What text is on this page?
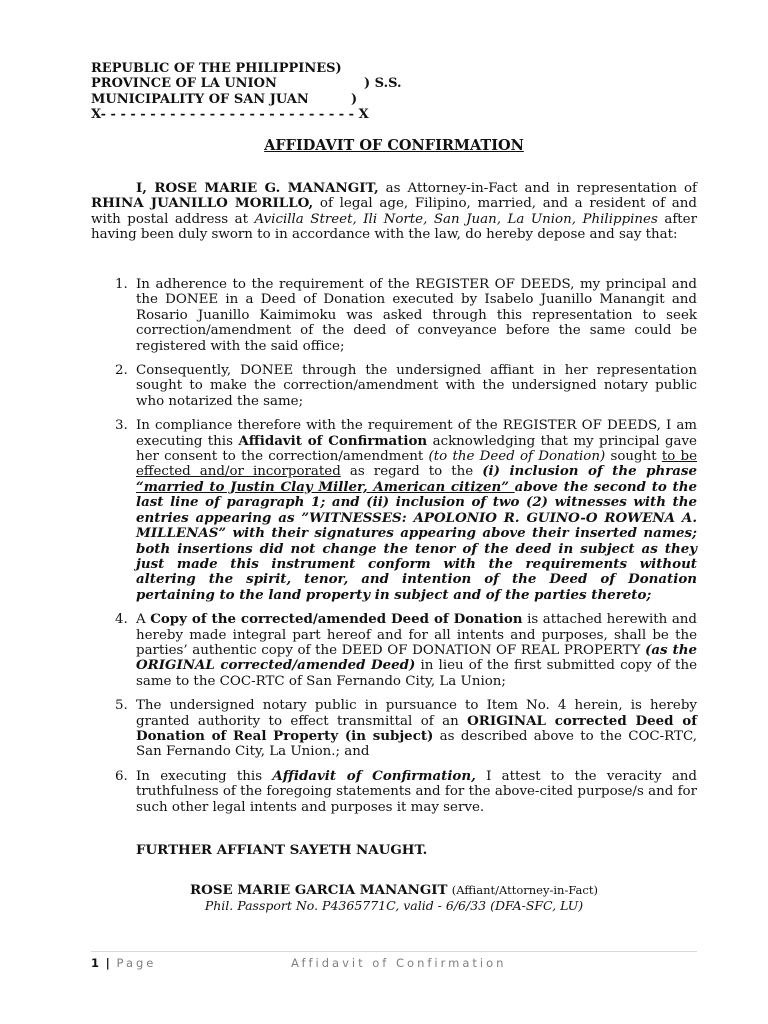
REPUBLIC OF THE PHILIPPINES)
PROVINCE OF LA UNION	) S.S.
MUNICIPALITY OF SAN JUAN	)
X- - - - - - - - - - - - - - - - - - - - - - - - - - X
AFFIDAVIT OF CONFIRMATION

I, ROSE MARIE G. MANANGIT, as Attorney-in-Fact and in representation of RHINA JUANILLO MORILLO, of legal age, Filipino, married, and a resident of and with postal address at Avicilla Street, Ili Norte, San Juan, La Union, Philippines after having been duly sworn to in accordance with the law, do hereby depose and say that:

1. In adherence to the requirement of the REGISTER OF DEEDS, my principal and the DONEE in a Deed of Donation executed by Isabelo Juanillo Manangit and Rosario Juanillo Kaimimoku was asked through this representation to seek correction/amendment of the deed of conveyance before the same could be registered with the said office;
2. Consequently, DONEE through the undersigned affiant in her representation sought to make the correction/amendment with the undersigned notary public who notarized the same;
3. In compliance therefore with the requirement of the REGISTER OF DEEDS, I am executing this Affidavit of Confirmation acknowledging that my principal gave her consent to the correction/amendment (to the Deed of Donation) sought to be effected and/or incorporated as regard to the (i) inclusion of the phrase “married to Justin Clay Miller, American citizen” above the second to the last line of paragraph 1; and (ii) inclusion of two (2) witnesses with the entries appearing as ”WITNESSES: APOLONIO R. GUINO-O ROWENA A. MILLENAS” with their signatures appearing above their inserted names; both insertions did not change the tenor of the deed in subject as they just made this instrument conform with the requirements without altering the spirit, tenor, and intention of the Deed of Donation pertaining to the land property in subject and of the parties thereto;
4. A Copy of the corrected/amended Deed of Donation is attached herewith and hereby made integral part hereof and for all intents and purposes, shall be the parties’ authentic copy of the DEED OF DONATION OF REAL PROPERTY (as the ORIGINAL corrected/amended Deed) in lieu of the first submitted copy of the same to the COC-RTC of San Fernando City, La Union;
5. The undersigned notary public in pursuance to Item No. 4 herein, is hereby granted authority to effect transmittal of an ORIGINAL corrected Deed of Donation of Real Property (in subject) as described above to the COC-RTC, San Fernando City, La Union.; and
6. In executing this Affidavit of Confirmation, I attest to the veracity and truthfulness of the foregoing statements and for the above-cited purpose/s and for such other legal intents and purposes it may serve.
FURTHER AFFIANT SAYETH NAUGHT.
ROSE MARIE GARCIA MANANGIT (Affiant/Attorney-in-Fact)
Phil. Passport No. P4365771C, valid - 6/6/33 (DFA-SFC, LU)
1 | Page	Affidavit of Confirmation
